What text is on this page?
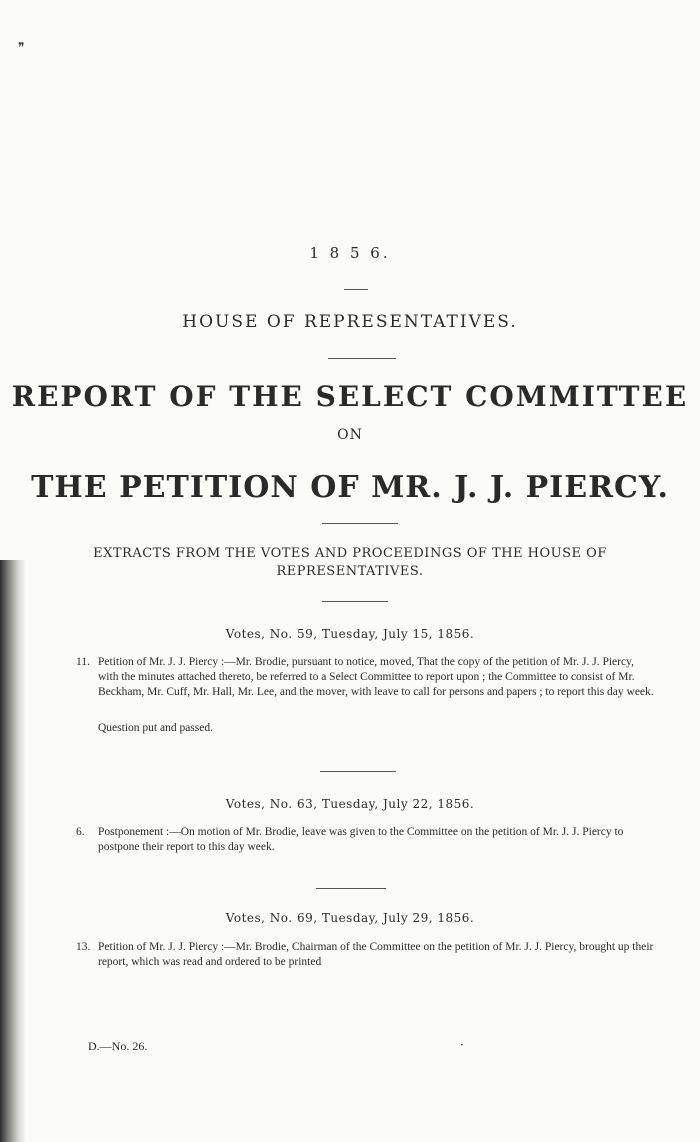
❞
1 8 5 6.
HOUSE OF REPRESENTATIVES.
REPORT OF THE SELECT COMMITTEE
ON
THE PETITION OF MR. J. J. PIERCY.
EXTRACTS FROM THE VOTES AND PROCEEDINGS OF THE HOUSE OF
REPRESENTATIVES.
Votes, No. 59, Tuesday, July 15, 1856.
11. Petition of Mr. J. J. Piercy :—Mr. Brodie, pursuant to notice, moved, That the copy of the petition of Mr. J. J. Piercy, with the minutes attached thereto, be referred to a Select Committee to report upon ; the Committee to consist of Mr. Beckham, Mr. Cuff, Mr. Hall, Mr. Lee, and the mover, with leave to call for persons and papers ; to report this day week.
Question put and passed.
Votes, No. 63, Tuesday, July 22, 1856.
6.	Postponement :—On motion of Mr. Brodie, leave was given to the Committee on the petition of Mr. J. J. Piercy to postpone their report to this day week.
Votes, No. 69, Tuesday, July 29, 1856.
13. Petition of Mr. J. J. Piercy :—Mr. Brodie, Chairman of the Committee on the petition of Mr. J. J. Piercy, brought up their report, which was read and ordered to be printed
D.—No. 26.	·
